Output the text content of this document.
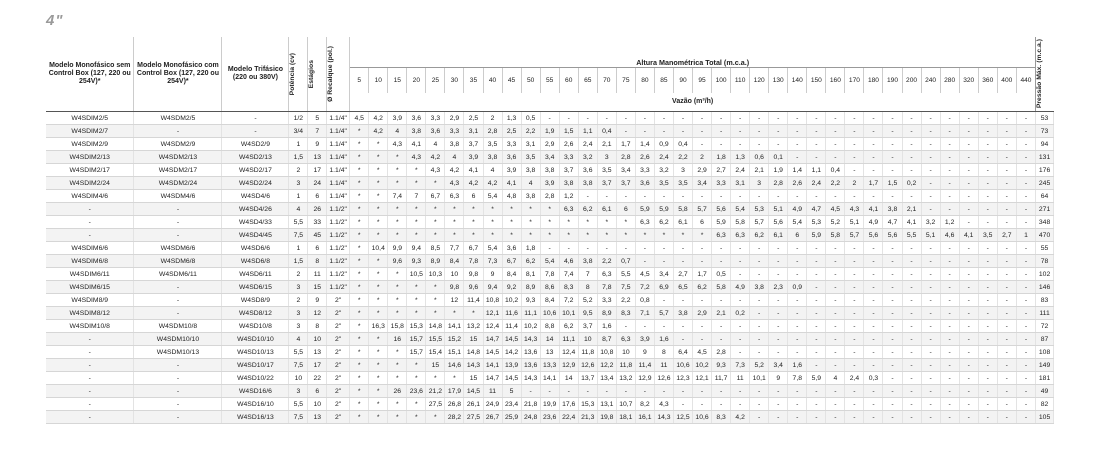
4"
Modelo Monofásico sem Control Box (127, 220 ou 254V)*	Modelo Monofásico com Control Box (127, 220 ou 254V)*	Modelo Trifásico (220 ou 380V)	Potência (cv)	Estágios	Ø Recalque (pol.)	Altura Manométrica Total (m.c.a.)																																				Pressão Máx. (m.c.a.)

						5	10	15	20	25	30	35	40	45	50	55	60	65	70	75	80	85	90	95	100	110	120	130	140	150	160	170	180	190	200	240	280	320	360	400	440	
						Vazão (m³/h)																																				
W4SDIM2/5	W4SDM2/5	-	1/2	5	1.1/4"	4,5	4,2	3,9	3,6	3,3	2,9	2,5	2	1,3	0,5	-	-	-	-	-	-	-	-	-	-	-	-	-	-	-	-	-	-	-	-	-	-	-	-	-	-	53
W4SDIM2/7	-	-	3/4	7	1.1/4"	*	4,2	4	3,8	3,6	3,3	3,1	2,8	2,5	2,2	1,9	1,5	1,1	0,4	-	-	-	-	-	-	-	-	-	-	-	-	-	-	-	-	-	-	-	-	-	-	73
W4SDIM2/9	W4SDM2/9	W4SD2/9	1	9	1.1/4"	*	*	4,3	4,1	4	3,8	3,7	3,5	3,3	3,1	2,9	2,6	2,4	2,1	1,7	1,4	0,9	0,4	-	-	-	-	-	-	-	-	-	-	-	-	-	-	-	-	-	-	94
W4SDIM2/13	W4SDM2/13	W4SD2/13	1,5	13	1.1/4"	*	*	*	4,3	4,2	4	3,9	3,8	3,6	3,5	3,4	3,3	3,2	3	2,8	2,6	2,4	2,2	2	1,8	1,3	0,6	0,1	-	-	-	-	-	-	-	-	-	-	-	-	-	131
W4SDIM2/17	W4SDM2/17	W4SD2/17	2	17	1.1/4"	*	*	*	*	4,3	4,2	4,1	4	3,9	3,8	3,8	3,7	3,6	3,5	3,4	3,3	3,2	3	2,9	2,7	2,4	2,1	1,9	1,4	1,1	0,4	-	-	-	-	-	-	-	-	-	-	176
W4SDIM2/24	W4SDM2/24	W4SD2/24	3	24	1.1/4"	*	*	*	*	*	4,3	4,2	4,2	4,1	4	3,9	3,8	3,8	3,7	3,7	3,6	3,5	3,5	3,4	3,3	3,1	3	2,8	2,6	2,4	2,2	2	1,7	1,5	0,2	-	-	-	-	-	-	245
W4SDIM4/6	W4SDM4/6	W4SD4/6	1	6	1.1/4"	*	*	7,4	7	6,7	6,3	6	5,4	4,8	3,8	2,8	1,2	-	-	-	-	-	-	-	-	-	-	-	-	-	-	-	-	-	-	-	-	-	-	-	-	64
-	-	W4SD4/26	4	26	1.1/2"	*	*	*	*	*	*	*	*	*	*	*	6,3	6,2	6,1	6	5,9	5,9	5,8	5,7	5,6	5,4	5,3	5,1	4,9	4,7	4,5	4,3	4,1	3,8	2,1	-	-	-	-	-	-	271
-	-	W4SD4/33	5,5	33	1.1/2"	*	*	*	*	*	*	*	*	*	*	*	*	*	*	*	6,3	6,2	6,1	6	5,9	5,8	5,7	5,6	5,4	5,3	5,2	5,1	4,9	4,7	4,1	3,2	1,2	-	-	-	-	348
-	-	W4SD4/45	7,5	45	1.1/2"	*	*	*	*	*	*	*	*	*	*	*	*	*	*	*	*	*	*	*	6,3	6,3	6,2	6,1	6	5,9	5,8	5,7	5,6	5,6	5,5	5,1	4,6	4,1	3,5	2,7	1	470
W4SDIM6/6	W4SDM6/6	W4SD6/6	1	6	1.1/2"	*	10,4	9,9	9,4	8,5	7,7	6,7	5,4	3,6	1,8	-	-	-	-	-	-	-	-	-	-	-	-	-	-	-	-	-	-	-	-	-	-	-	-	-	-	55
W4SDIM6/8	W4SDM6/8	W4SD6/8	1,5	8	1.1/2"	*	*	9,6	9,3	8,9	8,4	7,8	7,3	6,7	6,2	5,4	4,6	3,8	2,2	0,7	-	-	-	-	-	-	-	-	-	-	-	-	-	-	-	-	-	-	-	-	-	78
W4SDIM6/11	W4SDM6/11	W4SD6/11	2	11	1.1/2"	*	*	*	10,5	10,3	10	9,8	9	8,4	8,1	7,8	7,4	7	6,3	5,5	4,5	3,4	2,7	1,7	0,5	-	-	-	-	-	-	-	-	-	-	-	-	-	-	-	-	102
W4SDIM6/15	-	W4SD6/15	3	15	1.1/2"	*	*	*	*	*	9,8	9,6	9,4	9,2	8,9	8,6	8,3	8	7,8	7,5	7,2	6,9	6,5	6,2	5,8	4,9	3,8	2,3	0,9	-	-	-	-	-	-	-	-	-	-	-	-	146
W4SDIM8/9	-	W4SD8/9	2	9	2"	*	*	*	*	*	12	11,4	10,8	10,2	9,3	8,4	7,2	5,2	3,3	2,2	0,8	-	-	-	-	-	-	-	-	-	-	-	-	-	-	-	-	-	-	-	-	83
W4SDIM8/12	-	W4SD8/12	3	12	2"	*	*	*	*	*	*	*	12,1	11,6	11,1	10,6	10,1	9,5	8,9	8,3	7,1	5,7	3,8	2,9	2,1	0,2	-	-	-	-	-	-	-	-	-	-	-	-	-	-	-	111
W4SDIM10/8	W4SDM10/8	W4SD10/8	3	8	2"	*	16,3	15,8	15,3	14,8	14,1	13,2	12,4	11,4	10,2	8,8	6,2	3,7	1,6	-	-	-	-	-	-	-	-	-	-	-	-	-	-	-	-	-	-	-	-	-	-	72
-	W4SDM10/10	W4SD10/10	4	10	2"	*	*	16	15,7	15,5	15,2	15	14,7	14,5	14,3	14	11,1	10	8,7	6,3	3,9	1,6	-	-	-	-	-	-	-	-	-	-	-	-	-	-	-	-	-	-	-	87
-	W4SDM10/13	W4SD10/13	5,5	13	2"	*	*	*	15,7	15,4	15,1	14,8	14,5	14,2	13,6	13	12,4	11,8	10,8	10	9	8	6,4	4,5	2,8	-	-	-	-	-	-	-	-	-	-	-	-	-	-	-	-	108
-	-	W4SD10/17	7,5	17	2"	*	*	*	*	15	14,6	14,3	14,1	13,9	13,6	13,3	12,9	12,6	12,2	11,8	11,4	11	10,6	10,2	9,3	7,3	5,2	3,4	1,6	-	-	-	-	-	-	-	-	-	-	-	-	149
-	-	W4SD10/22	10	22	2"	*	*	*	*	*	*	15	14,7	14,5	14,3	14,1	14	13,7	13,4	13,2	12,9	12,6	12,3	12,1	11,7	11	10,1	9	7,8	5,9	4	2,4	0,3	-	-	-	-	-	-	-	-	181
-	-	W4SD16/6	3	6	2"	*	*	26	23,6	21,2	17,9	14,5	11	5	-	-	-	-	-	-	-	-	-	-	-	-	-	-	-	-	-	-	-	-	-	-	-	-	-	-	-	49
-	-	W4SD16/10	5,5	10	2"	*	*	*	*	27,5	26,8	26,1	24,9	23,4	21,8	19,9	17,6	15,3	13,1	10,7	8,2	4,3	-	-	-	-	-	-	-	-	-	-	-	-	-	-	-	-	-	-	-	82
-	-	W4SD16/13	7,5	13	2"	*	*	*	*	*	28,2	27,5	26,7	25,9	24,8	23,6	22,4	21,3	19,8	18,1	16,1	14,3	12,5	10,6	8,3	4,2	-	-	-	-	-	-	-	-	-	-	-	-	-	-	-	105
